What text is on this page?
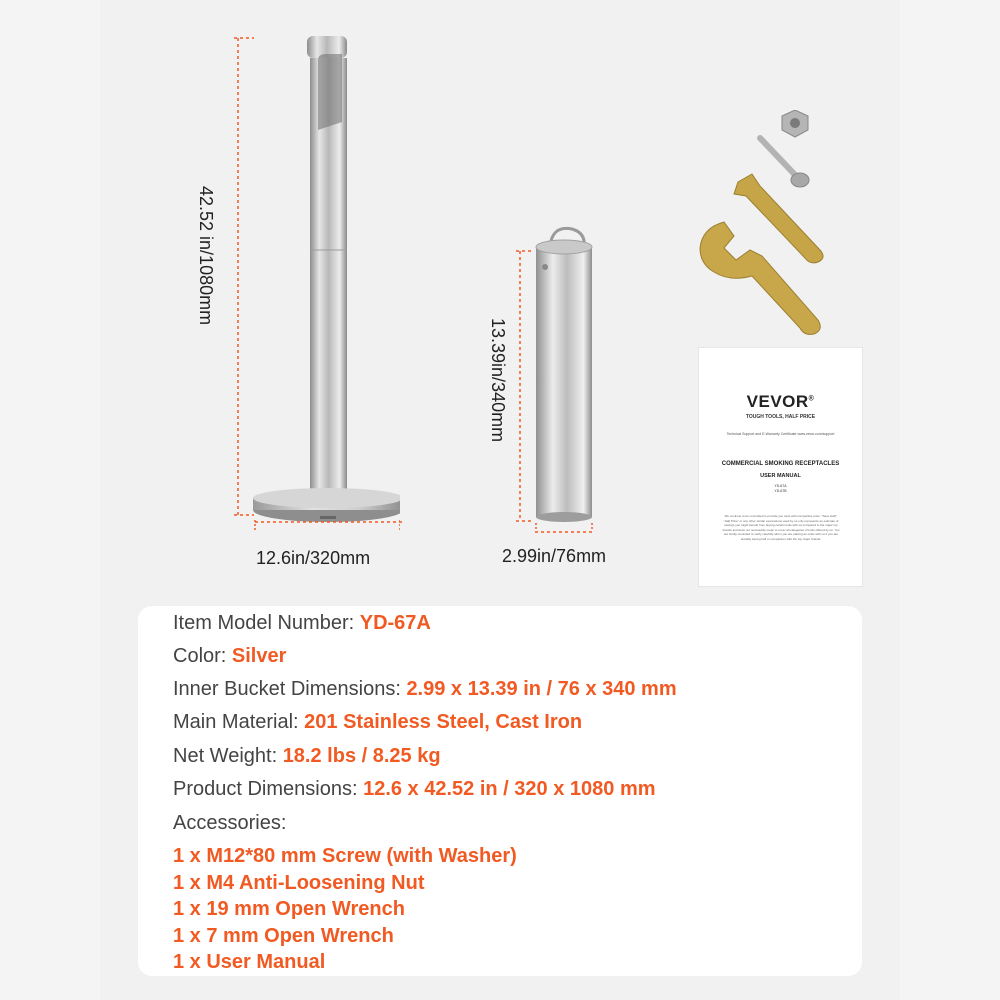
42.52 in/1080mm
12.6in/320mm
13.39in/340mm
2.99in/76mm
VEVOR®
TOUGH TOOLS, HALF PRICE
Technical Support and E-Warranty Certificate www.vevor.com/support
COMMERCIAL SMOKING RECEPTACLES
USER MANUAL
YD-67A
YD-67B
We continue to be committed to provide you tools with competitive price. "Save Half", "Half Price" or any other similar expressions used by us only represents an estimate of savings you might benefit from buying certain tools with us compared to the major top brands and does not necessarily mean to cover all categories of tools offered by us. You are kindly reminded to verify carefully when you are placing an order with us if you are actually saving half in comparison with the top major brands.
Item Model Number: YD-67A
Color: Silver
Inner Bucket Dimensions: 2.99 x 13.39 in / 76 x 340 mm
Main Material: 201 Stainless Steel, Cast Iron
Net Weight: 18.2 lbs / 8.25 kg
Product Dimensions: 12.6 x 42.52 in / 320 x 1080 mm
Accessories:
1 x M12*80 mm Screw (with Washer)
1 x M4 Anti-Loosening Nut
1 x 19 mm Open Wrench
1 x 7 mm Open Wrench
1 x User Manual
